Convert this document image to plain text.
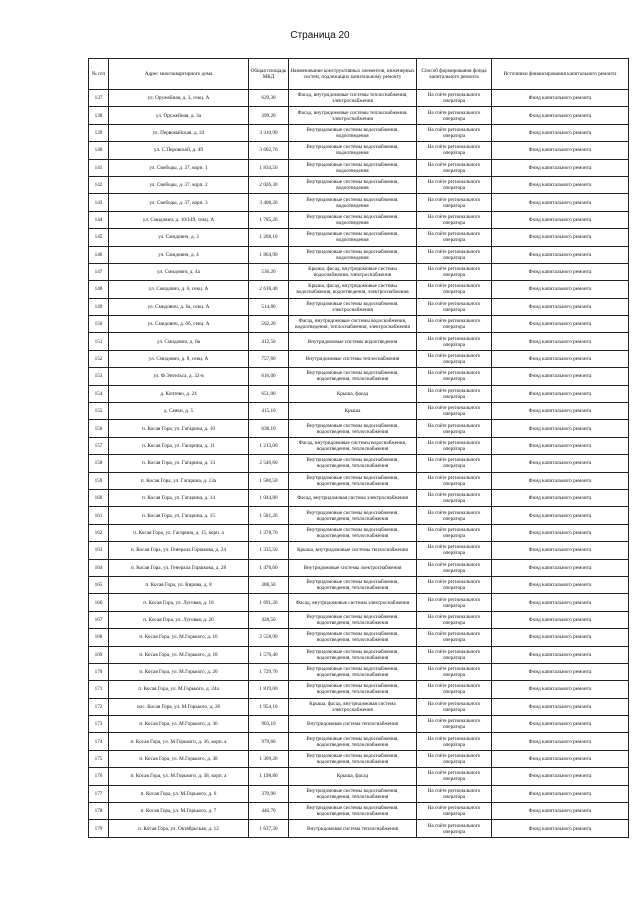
Страница 20
№ п/п	Адрес многоквартирного дома	Общая площадь МКД	Наименование конструктивных элементов, инженерных систем, подлежащих капитальному ремонту	Способ формирования фонда капитального ремонта	Источники финансирования капитального ремонта
137	ул. Оружейная, д. 3, секц. А	629,30	Фасад, внутридомовые системы теплоснабжения, электроснабжения	На счёте регионального оператора	Фонд капитального ремонта
138	ул. Оружейная, д. 3а	399,20	Фасад, внутридомовые системы теплоснабжения, электроснабжения	На счёте регионального оператора	Фонд капитального ремонта
139	ул. Первомайская, д. 24	3 310,90	Внутридомовые системы водоснабжения, водоотведения	На счёте регионального оператора	Фонд капитального ремонта
140	ул. С.Перовской, д. 49	3 602,70	Внутридомовые системы водоснабжения, водоотведения	На счёте регионального оператора	Фонд капитального ремонта
141	ул. Свободы, д. 37, корп. 1	1 834,50	Внутридомовые системы водоснабжения, водоотведения	На счёте регионального оператора	Фонд капитального ремонта
142	ул. Свободы, д. 37, корп. 2	2 026,30	Внутридомовые системы водоснабжения, водоотведения	На счёте регионального оператора	Фонд капитального ремонта
143	ул. Свободы, д. 37, корп. 3	3 408,20	Внутридомовые системы водоснабжения, водоотведения	На счёте регионального оператора	Фонд капитального ремонта
144	ул. Смидович, д. 10/149, секц. А	1 785,20	Внутридомовые системы водоснабжения, водоотведения	На счёте регионального оператора	Фонд капитального ремонта
145	ул. Смидович, д. 3	1 268,10	Внутридомовые системы водоснабжения, водоотведения	На счёте регионального оператора	Фонд капитального ремонта
146	ул. Смидович, д. 4	1 864,90	Внутридомовые системы водоснабжения, водоотведения	На счёте регионального оператора	Фонд капитального ремонта
147	ул. Смидович, д. 4а	536,20	Крыша, фасад, внутридомовые системы водоснабжения, электроснабжения	На счёте регионального оператора	Фонд капитального ремонта
148	ул. Смидович, д. 6, секц. А	2 618,40	Крыша, фасад, внутридомовые системы водоснабжения, водоотведения, электроснабжения	На счёте регионального оператора	Фонд капитального ремонта
149	ул. Смидович, д. 6а, секц. А	514,80	Внутридомовые системы водоснабжения, электроснабжения	На счёте регионального оператора	Фонд капитального ремонта
150	ул. Смидович, д. 6б, секц. А	502,20	Фасад, внутридомовые системы водоснабжения, водоотведения, теплоснабжения, электроснабжения	На счёте регионального оператора	Фонд капитального ремонта
151	ул. Смидович, д. 6в	412,50	Внутридомовые системы водоотведения	На счёте регионального оператора	Фонд капитального ремонта
152	ул. Смидович, д. 8, секц. А	757,60	Внутридомовые системы теплоснабжения	На счёте регионального оператора	Фонд капитального ремонта
153	ул. Ф.Энгельса, д. 32-в	616,00	Внутридомовые системы водоснабжения, водоотведения, теплоснабжения	На счёте регионального оператора	Фонд капитального ремонта
154	д. Коптево, д. 24	651,00	Крыша, фасад	На счёте регионального оператора	Фонд капитального ремонта
155	д. Сеяки, д. 5	415,10	Крыша	На счёте регионального оператора	Фонд капитального ремонта
156	п. Косая Гора, ул. Гагарина, д. 10	638,10	Внутридомовые системы водоснабжения, водоотведения, теплоснабжения	На счёте регионального оператора	Фонд капитального ремонта
157	п. Косая Гора, ул. Гагарина, д. 11	1 213,00	Фасад, внутридомовые системы водоснабжения, водоотведения, теплоснабжения	На счёте регионального оператора	Фонд капитального ремонта
158	п. Косая Гора, ул. Гагарина, д. 13	2 546,60	Внутридомовые системы водоснабжения, водоотведения, теплоснабжения	На счёте регионального оператора	Фонд капитального ремонта
159	п. Косая Гора, ул. Гагарина, д. 13а	1 580,50	Внутридомовые системы водоснабжения, водоотведения, теплоснабжения	На счёте регионального оператора	Фонд капитального ремонта
160	п. Косая Гора, ул. Гагарина, д. 14	1 044,80	Фасад, внутридомовая система электроснабжения	На счёте регионального оператора	Фонд капитального ремонта
161	п. Косая Гора, ул. Гагарина, д. 15	1 581,20	Внутридомовые системы водоснабжения, водоотведения, теплоснабжения	На счёте регионального оператора	Фонд капитального ремонта
162	п. Косая Гора, ул. Гагарина, д. 15, корп. а	1 378,70	Внутридомовые системы водоснабжения, водоотведения, теплоснабжения	На счёте регионального оператора	Фонд капитального ремонта
163	п. Косая Гора, ул. Генерала Горшкова, д. 24	1 335,50	Крыша, внутридомовые системы теплоснабжения	На счёте регионального оператора	Фонд капитального ремонта
164	п. Косая Гора, ул. Генерала Горшкова, д. 28	1 478,60	Внутридомовые системы электроснабжения	На счёте регионального оператора	Фонд капитального ремонта
165	п. Косая Гора, ул. Кирова, д. 8	388,50	Внутридомовые системы водоснабжения, водоотведения, теплоснабжения	На счёте регионального оператора	Фонд капитального ремонта
166	п. Косая Гора, ул. Луговая, д. 18	1 691,20	Фасад, внутридомовые системы электроснабжения	На счёте регионального оператора	Фонд капитального ремонта
167	п. Косая Гора, ул. Луговая, д. 20	428,50	Внутридомовые системы водоснабжения, водоотведения, теплоснабжения	На счёте регионального оператора	Фонд капитального ремонта
168	п. Косая Гора, ул. М.Горького, д. 16	2 558,90	Внутридомовые системы водоснабжения, водоотведения, теплоснабжения	На счёте регионального оператора	Фонд капитального ремонта
169	п. Косая Гора, ул. М.Горького, д. 18	1 576,40	Внутридомовые системы водоснабжения, водоотведения, теплоснабжения	На счёте регионального оператора	Фонд капитального ремонта
170	п. Косая Гора, ул. М.Горького, д. 20	1 729,70	Внутридомовые системы водоснабжения, водоотведения, теплоснабжения	На счёте регионального оператора	Фонд капитального ремонта
171	п. Косая Гора, ул. М.Горького, д. 24а	1 819,00	Внутридомовые системы водоснабжения, водоотведения, теплоснабжения	На счёте регионального оператора	Фонд капитального ремонта
172	пос. Косая Гора, ул. М.Горького, д. 26	1 954,10	Крыша, фасад, внутридомовая система электроснабжения	На счёте регионального оператора	Фонд капитального ремонта
173	п. Косая Гора, ул. М.Горького, д. 36	903,10	Внутридомовая система теплоснабжения	На счёте регионального оператора	Фонд капитального ремонта
174	п. Косая Гора, ул. М.Горького, д. 36, корп. а	979,60	Внутридомовые системы водоснабжения, водоотведения, теплоснабжения	На счёте регионального оператора	Фонд капитального ремонта
175	п. Косая Гора, ул. М.Горького, д. 38	1 369,20	Внутридомовые системы водоснабжения, водоотведения, теплоснабжения	На счёте регионального оператора	Фонд капитального ремонта
176	п. Косая Гора, ул. М.Горького, д. 38, корп. а	1 198,80	Крыша, фасад	На счёте регионального оператора	Фонд капитального ремонта
177	п. Косая Гора, ул. М.Горького, д. 6	370,90	Внутридомовые системы водоснабжения, водоотведения, теплоснабжения	На счёте регионального оператора	Фонд капитального ремонта
178	п. Косая Гора, ул. М.Горького, д. 7	446,70	Внутридомовые системы водоснабжения, водоотведения, теплоснабжения	На счёте регионального оператора	Фонд капитального ремонта
179	п. Косая Гора, ул. Октябрьская, д. 12	1 637,30	Внутридомовая система теплоснабжения	На счёте регионального оператора	Фонд капитального ремонта
